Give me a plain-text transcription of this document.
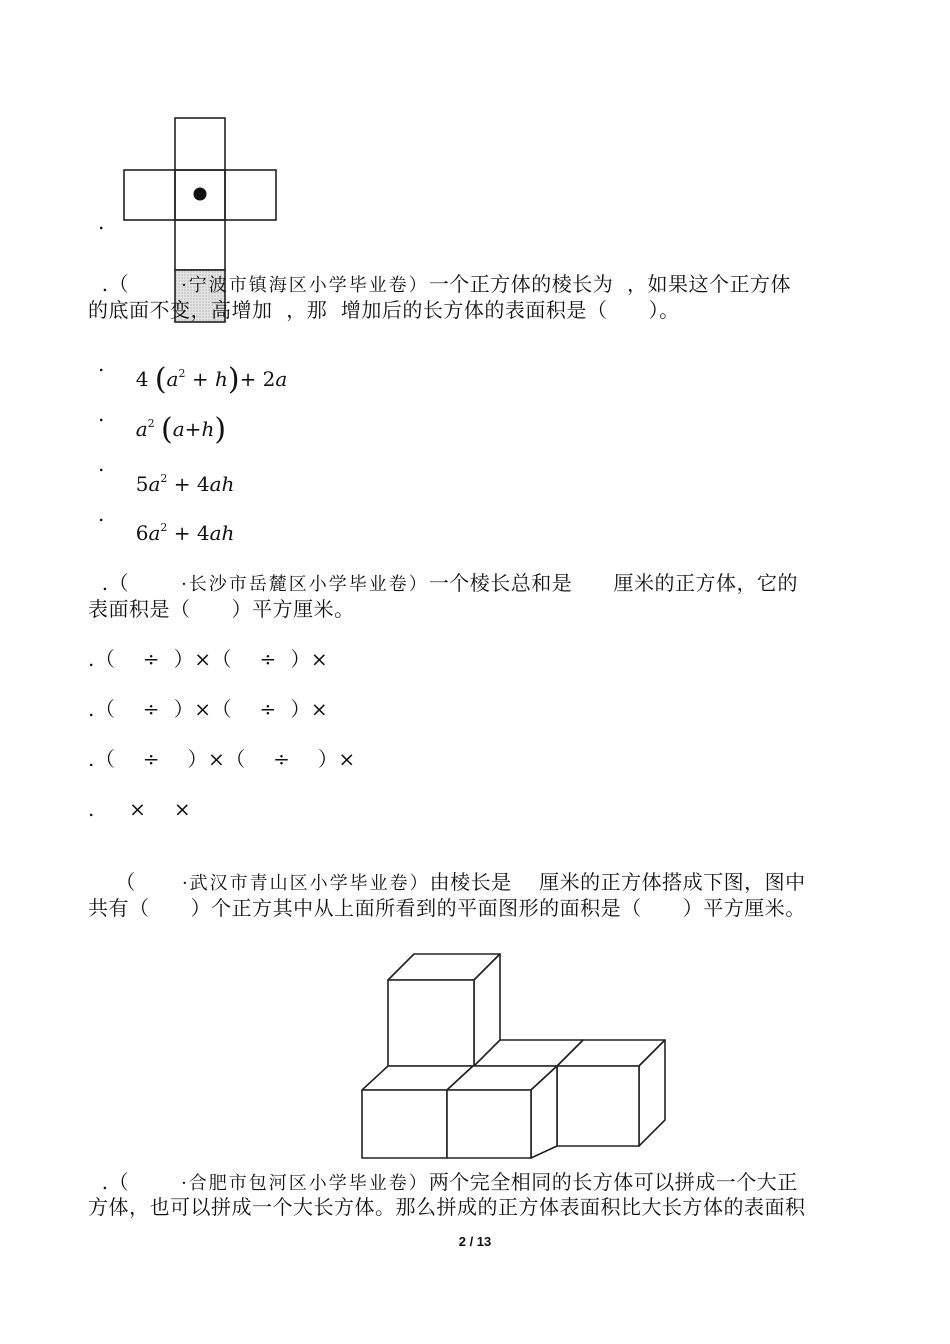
.

.（	·宁波市镇海区小学毕业卷）一个正方体的棱长为  ，如果这个正方体

的底面不变，高增加  ，那  增加后的长方体的表面积是（      ）。
.

4 $(a^2 + h)+ 2a$

.

$a^2$ (a+h)

.

$5a^2 + 4ah$

.

$6a^2 + 4ah$

.（	·长沙市岳麓区小学毕业卷）一个棱长总和是      厘米的正方体，它的

表面积是（      ）平方厘米。
.（    ÷  ）×（    ÷  ）×
.（    ÷  ）×（    ÷  ）×
.（    ÷    ）×（    ÷    ）×
.     ×    ×

（	·武汉市青山区小学毕业卷）由棱长是    厘米的正方体搭成下图，图中

共有（      ）个正方其中从上面所看到的平面图形的面积是（      ）平方厘米。

.（	·合肥市包河区小学毕业卷）两个完全相同的长方体可以拼成一个大正

方体，也可以拼成一个大长方体。那么拼成的正方体表面积比大长方体的表面积
2 / 13
